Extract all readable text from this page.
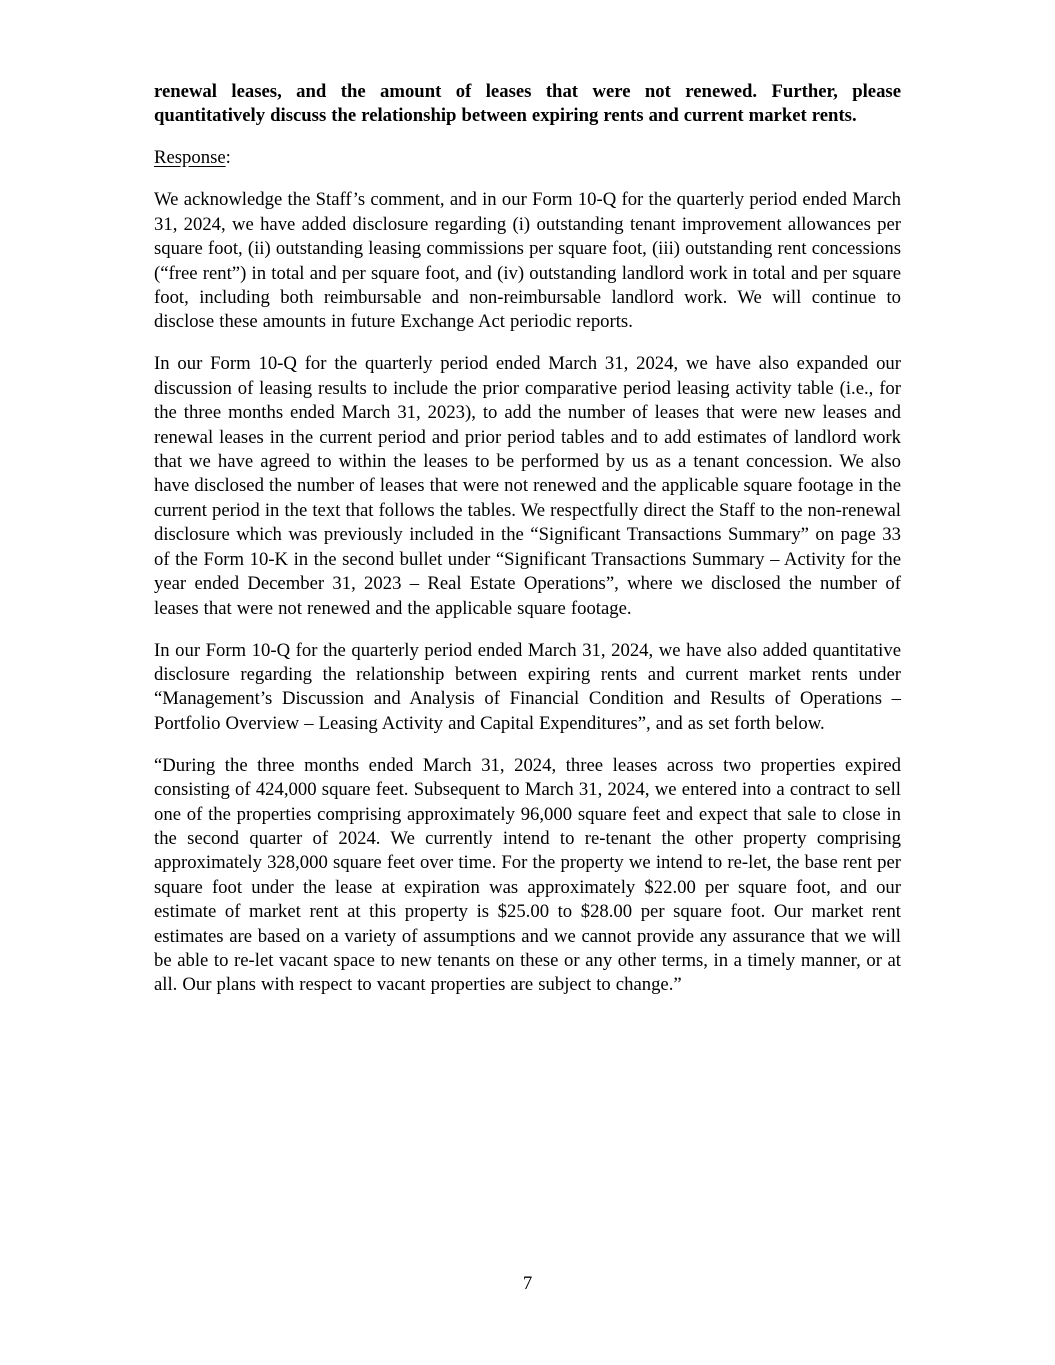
renewal leases, and the amount of leases that were not renewed. Further, please quantitatively discuss the relationship between expiring rents and current market rents.

Response:

We acknowledge the Staff’s comment, and in our Form 10-Q for the quarterly period ended March 31, 2024, we have added disclosure regarding (i) outstanding tenant improvement allowances per square foot, (ii) outstanding leasing commissions per square foot, (iii) outstanding rent concessions (“free rent”) in total and per square foot, and (iv) outstanding landlord work in total and per square foot, including both reimbursable and non-reimbursable landlord work. We will continue to disclose these amounts in future Exchange Act periodic reports.

In our Form 10-Q for the quarterly period ended March 31, 2024, we have also expanded our discussion of leasing results to include the prior comparative period leasing activity table (i.e., for the three months ended March 31, 2023), to add the number of leases that were new leases and renewal leases in the current period and prior period tables and to add estimates of landlord work that we have agreed to within the leases to be performed by us as a tenant concession. We also have disclosed the number of leases that were not renewed and the applicable square footage in the current period in the text that follows the tables. We respectfully direct the Staff to the non-renewal disclosure which was previously included in the “Significant Transactions Summary” on page 33 of the Form 10-K in the second bullet under “Significant Transactions Summary – Activity for the year ended December 31, 2023 – Real Estate Operations”, where we disclosed the number of leases that were not renewed and the applicable square footage.

In our Form 10-Q for the quarterly period ended March 31, 2024, we have also added quantitative disclosure regarding the relationship between expiring rents and current market rents under “Management’s Discussion and Analysis of Financial Condition and Results of Operations – Portfolio Overview – Leasing Activity and Capital Expenditures”, and as set forth below.

“During the three months ended March 31, 2024, three leases across two properties expired consisting of 424,000 square feet. Subsequent to March 31, 2024, we entered into a contract to sell one of the properties comprising approximately 96,000 square feet and expect that sale to close in the second quarter of 2024. We currently intend to re-tenant the other property comprising approximately 328,000 square feet over time. For the property we intend to re-let, the base rent per square foot under the lease at expiration was approximately $22.00 per square foot, and our estimate of market rent at this property is $25.00 to $28.00 per square foot. Our market rent estimates are based on a variety of assumptions and we cannot provide any assurance that we will be able to re-let vacant space to new tenants on these or any other terms, in a timely manner, or at all. Our plans with respect to vacant properties are subject to change.”

7
